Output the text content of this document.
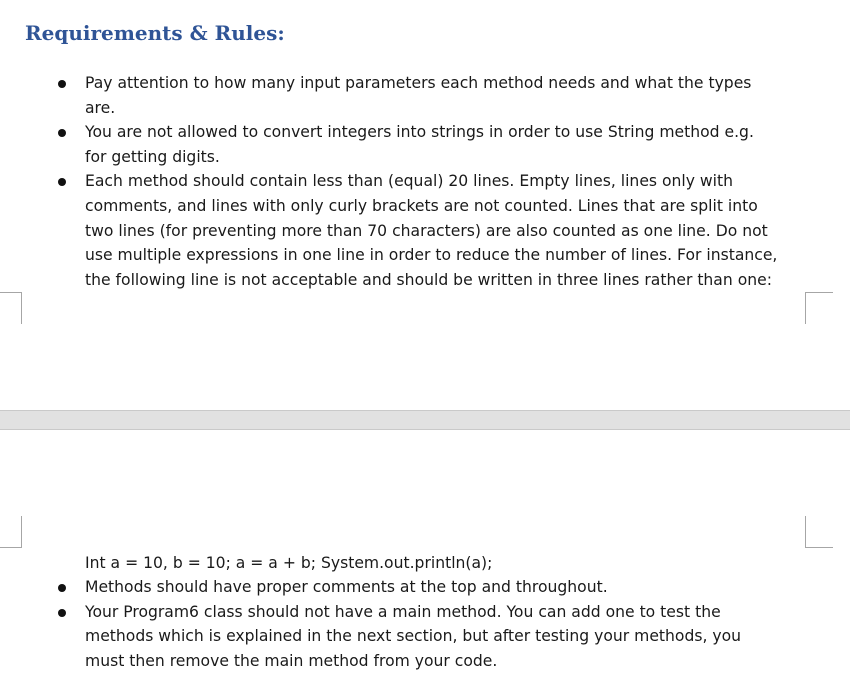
Requirements & Rules:
Pay attention to how many input parameters each method needs and what the types
are.
You are not allowed to convert integers into strings in order to use String method e.g.
for getting digits.
Each method should contain less than (equal) 20 lines. Empty lines, lines only with
comments, and lines with only curly brackets are not counted. Lines that are split into
two lines (for preventing more than 70 characters) are also counted as one line. Do not
use multiple expressions in one line in order to reduce the number of lines. For instance,
the following line is not acceptable and should be written in three lines rather than one:
Int a = 10, b = 10; a = a + b; System.out.println(a);
Methods should have proper comments at the top and throughout.
Your Program6 class should not have a main method. You can add one to test the
methods which is explained in the next section, but after testing your methods, you
must then remove the main method from your code.
